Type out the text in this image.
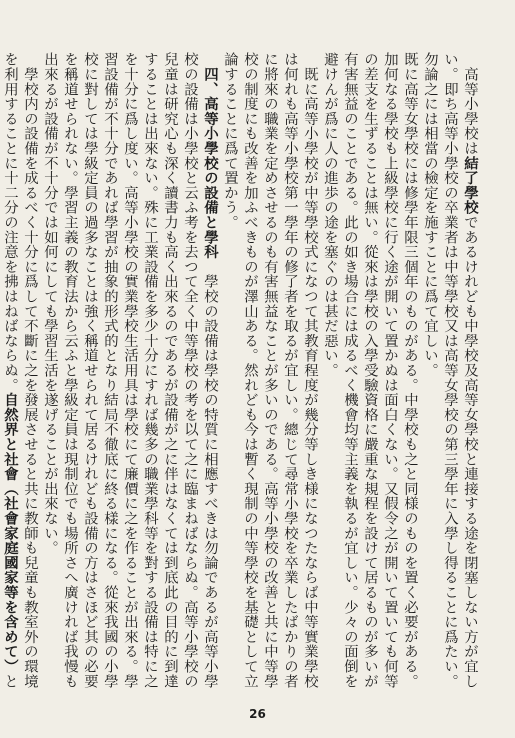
　高等小學校は結了學校であるけれども中學校及高等女學校と連接する途を閉塞しない方が宜しい。即ち高等小學校の卒業者は中等學校又は高等女學校の第三學年に入學し得ることに爲たい。勿論之には相當の檢定を施すことに爲て宜しい。

既に高等女學校には修學年限三個年のものがある。中學校も之と同様のものを置く必要がある。加何なる學校も上級學校に行く途が開いて置かぬは面白くない。又假令之が開いて置いても何等の差支を生ずることは無い。從來は學校の入學受驗資格に嚴重な規程を設けて居るものが多いが有害無益のことである。此の如き場合には成るべく機會均等主義を執るが宜しい。少々の面倒を避けんが爲に人の進歩の途を塞ぐのは甚だ惡い。

　既に高等小學校が中等學校式になつて其教育程度が幾分等しき様になつたならば中等實業學校は何れも高等小學校第一學年の修了者を取るが宜しい。總じて尋常小學校を卒業したばかりの者に將來の職業を定めさせるのも有害無益なことが多いのである。高等小學校の改善と共に中等學校の制度にも改善を加ふべきものが澤山ある。然れども今は暫く現制の中等學校を基礎として立論することに爲て置かう。

　四、高等小學校の設備と學科　學校の設備は學校の特質に相應すべきは勿論であるが高等小學校の設備は小學校と云ふ考を去つて全く中等學校の考を以て之に臨まねばならぬ。高等小學校の兒童は研究心も深く讀書力も高く出來るのであるが設備が之に伴はなくては到底此の目的に到達することは出來ない。殊に工業設備を多少十分にすれば幾多の職業學科等を對する設備は特に之を十分に爲し度い。高等小學校の實業學校生活用具は學校にて廉價に之を作ることが出來る。學習設備が不十分であれば學習が抽象的形式的となり結局不徹底に終る樣になる。從來我國の小學校に對しては學級定員の過多なことは強く稱道せられて居るけれども設備の方はさほど其の必要を稱道せられない。學習主義の教育法から云ふと學級定員は現制位でも場所さへ廣ければ我慢も出來るが設備が不十分では如何にしても學習生活を遂げることが出來ない。

　學校内の設備を成るべく十分に爲して不斷に之を發展させると共に教師も兒童も教室外の環境を利用することに十二分の注意を拂はねばならぬ。自然界と社會（社會家庭國家等を含めて）と

26
